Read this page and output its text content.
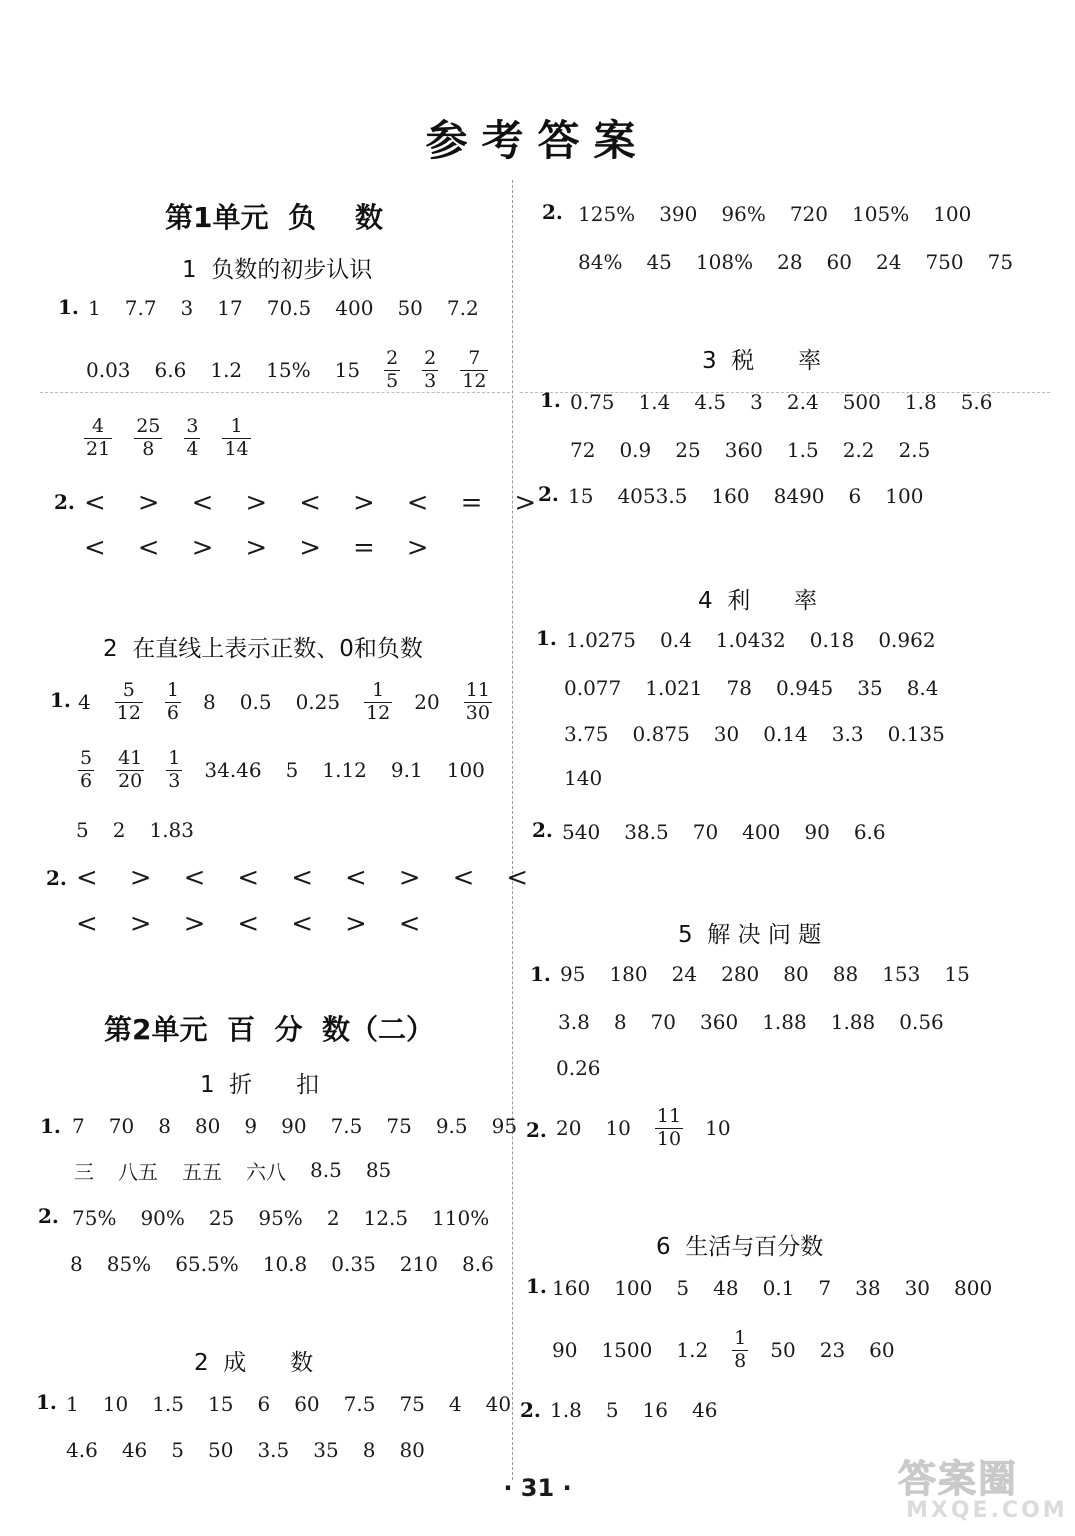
参考答案
第1单元  负    数
1  负数的初步认识
1. 1 7.7 3 17 70.5 400 50 7.2
0.03 6.6 1.2 15% $15 \frac{2}{5} \frac{2}{3} \frac{7}{12}$
$\frac{4}{21} \frac{25}{8} \frac{3}{4} \frac{1}{14}$
2. < > < > < > < = >
< < > > > = >
2  在直线上表示正数、0和负数
1. $4 \frac{5}{12} \frac{1}{6} 8$ 0.5 $0.25 \frac{1}{12} 20 \frac{11}{30}$
$\frac{5}{6} \frac{41}{20} \frac{1}{3} 34.46$ 5 1.12 9.1 100
5 2 1.83
2. < > < < < < > < <
< > > < < > <
第2单元  百  分  数（二）
1  折      扣
1. 7 70 8 80 9 90 7.5 75 9.5 95
三 八五 五五 六八 8.5 85
2. 75% 90% 25 95% 2 12.5 110%
8 85% 65.5% 10.8 0.35 210 8.6
2  成      数
1. 1 10 1.5 15 6 60 7.5 75 4 40
4.6 46 5 50 3.5 35 8 80
2. 125% 390 96% 720 105% 100
84% 45 108% 28 60 24 750 75
3  税      率
1. 0.75 1.4 4.5 3 2.4 500 1.8 5.6
72 0.9 25 360 1.5 2.2 2.5
2. 15 4053.5 160 8490 6 100
4  利      率
1. 1.0275 0.4 1.0432 0.18 0.962
0.077 1.021 78 0.945 35 8.4
3.75 0.875 30 0.14 3.3 0.135
140
2. 540 38.5 70 400 90 6.6
5  解 决 问 题
1. 95 180 24 280 80 88 153 15
3.8 8 70 360 1.88 1.88 0.56
0.26
2. 20 $10 \frac{11}{10} 10$
6  生活与百分数
1. 160 100 5 48 0.1 7 38 30 800
90 1500 $1.2 \frac{1}{8} 50$ 23 60
2. 1.8 5 16 46
· 31 ·	答案圈
MXQE.COM
